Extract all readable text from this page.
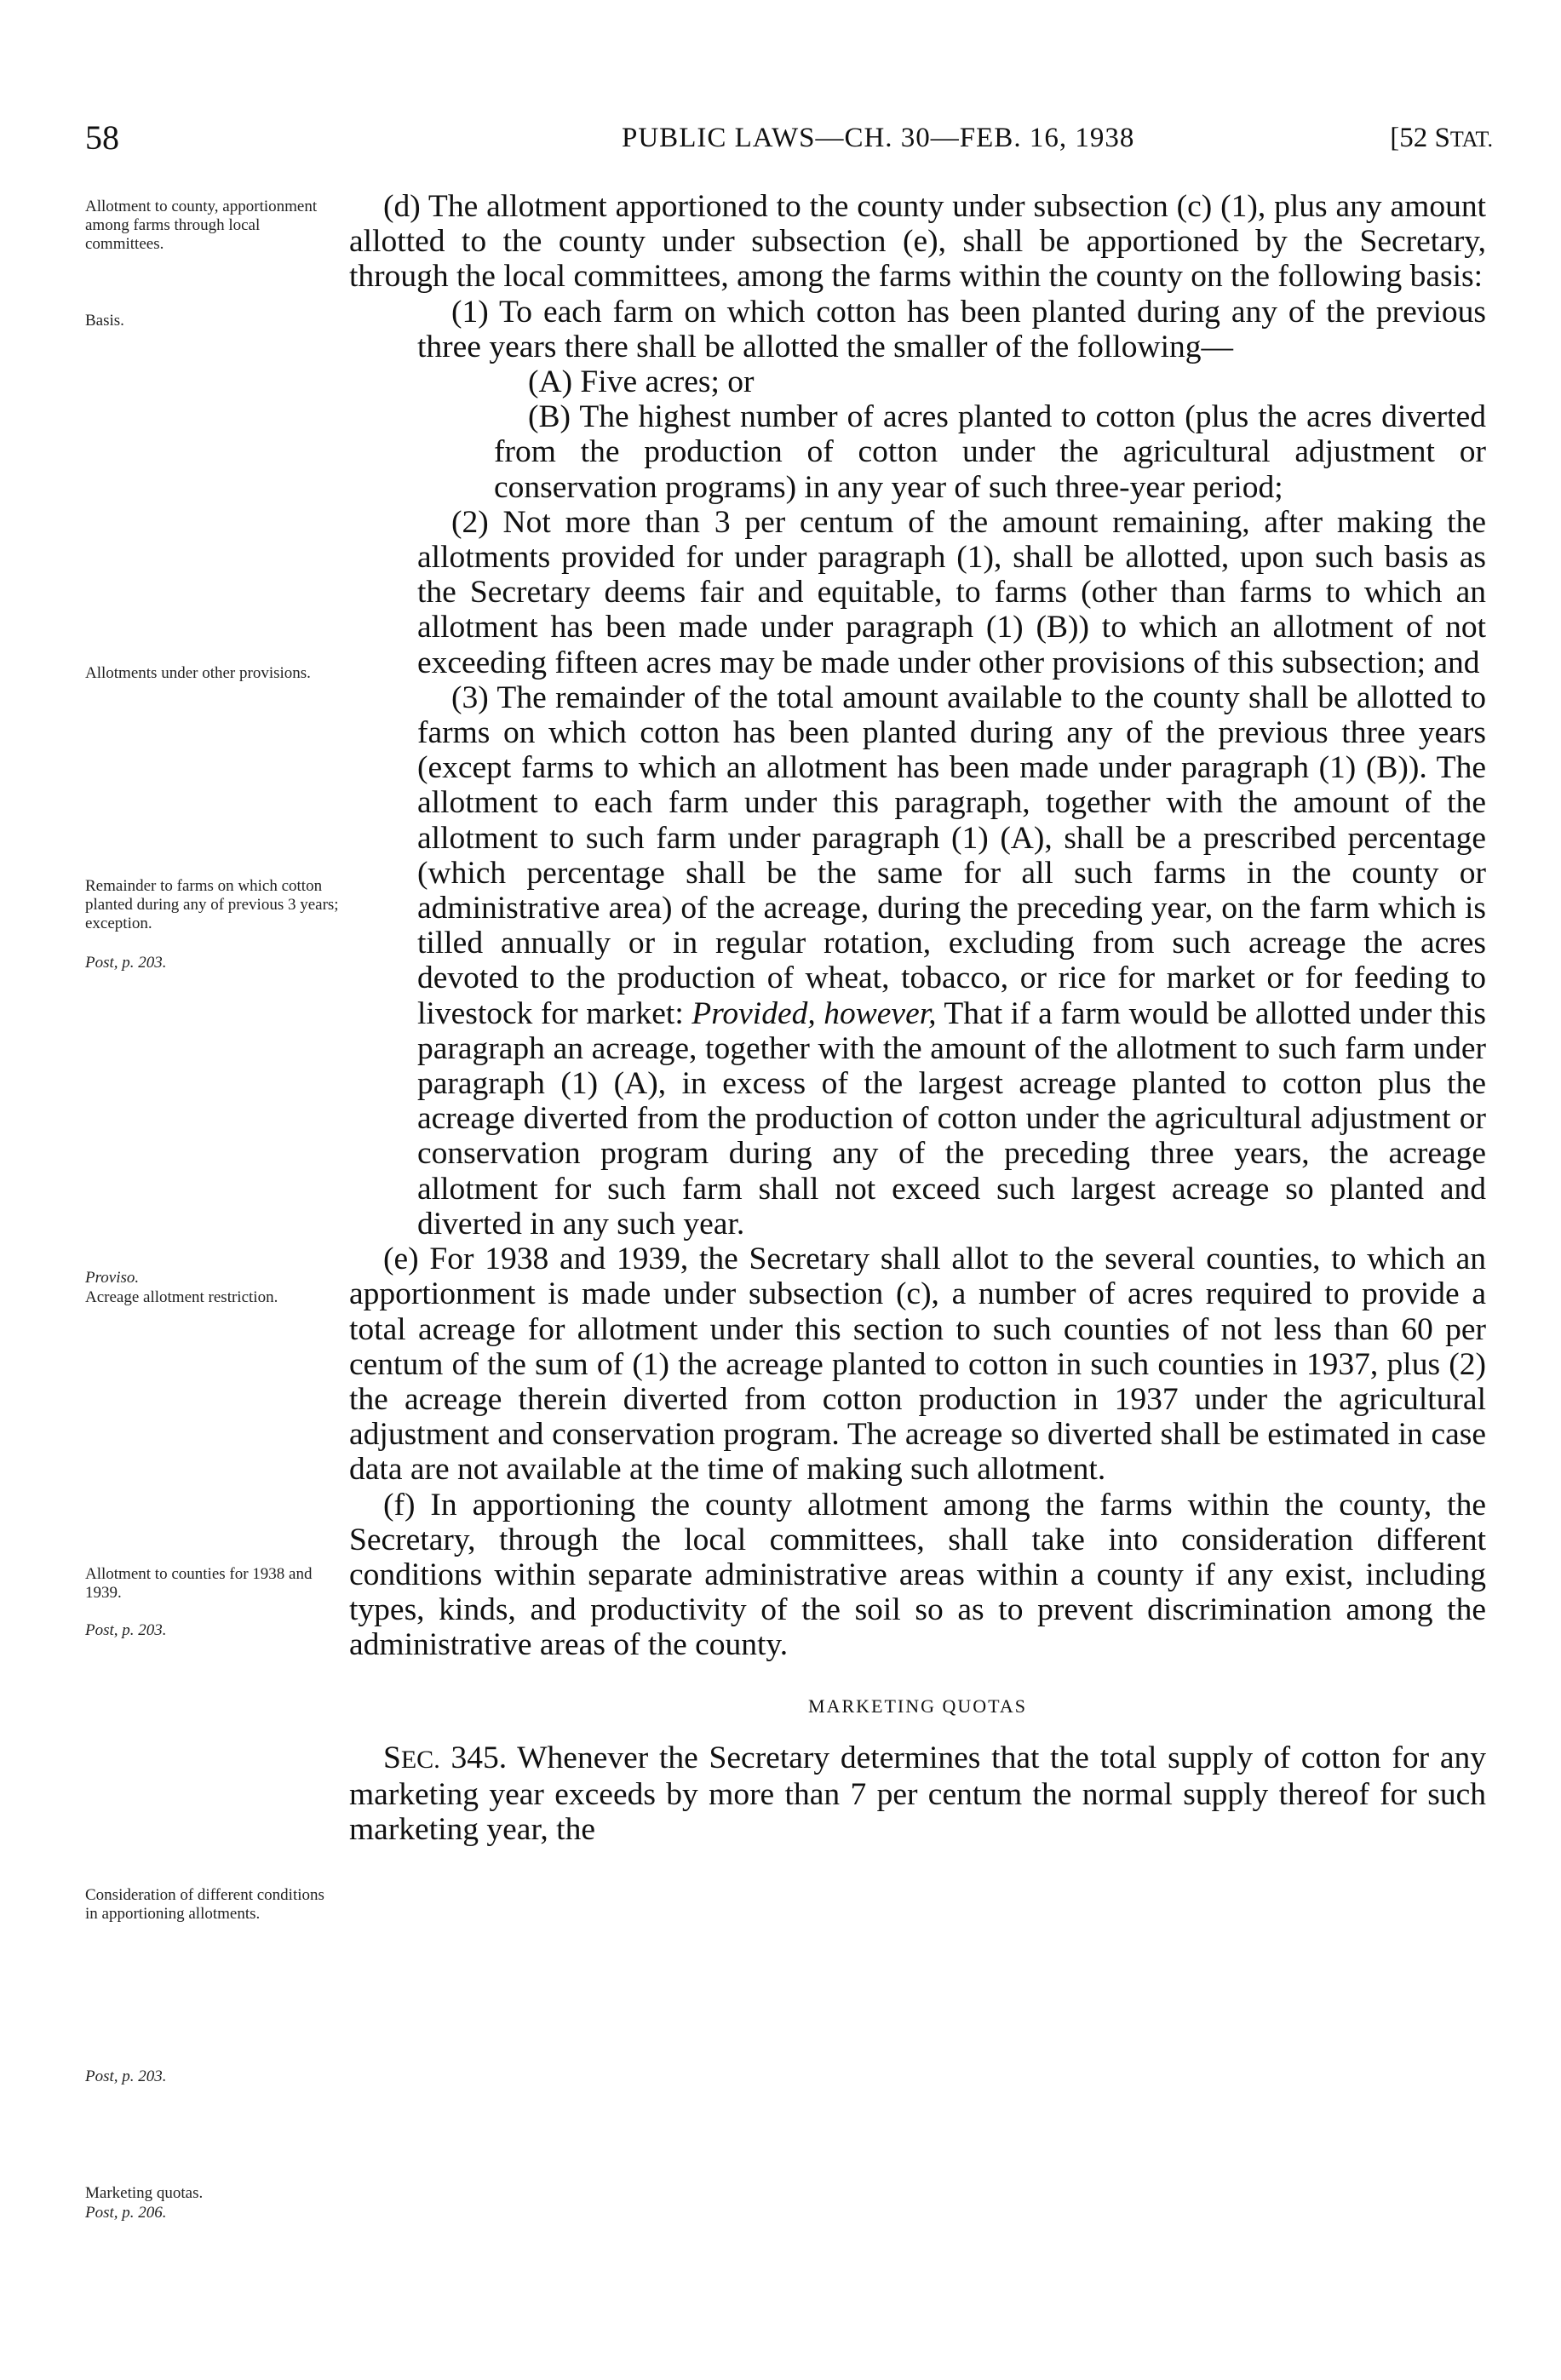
58	PUBLIC LAWS—CH. 30—FEB. 16, 1938	[52 STAT.
Allotment to county, apportionment among farms through local committees.
Basis.
Allotments under other provisions.
Remainder to farms on which cotton planted during any of previous 3 years; exception.
Post, p. 203.
Proviso.
Acreage allotment restriction.
Allotment to counties for 1938 and 1939.
Post, p. 203.
Consideration of different conditions in apportioning allotments.
Post, p. 203.
Marketing quotas.
Post, p. 206.

(d) The allotment apportioned to the county under subsection (c) (1), plus any amount allotted to the county under subsection (e), shall be apportioned by the Secretary, through the local committees, among the farms within the county on the following basis:

(1) To each farm on which cotton has been planted during any of the previous three years there shall be allotted the smaller of the following—

(A) Five acres; or

(B) The highest number of acres planted to cotton (plus the acres diverted from the production of cotton under the agricultural adjustment or conservation programs) in any year of such three-year period;

(2) Not more than 3 per centum of the amount remaining, after making the allotments provided for under paragraph (1), shall be allotted, upon such basis as the Secretary deems fair and equitable, to farms (other than farms to which an allotment has been made under paragraph (1) (B)) to which an allotment of not exceeding fifteen acres may be made under other provisions of this subsection; and

(3) The remainder of the total amount available to the county shall be allotted to farms on which cotton has been planted during any of the previous three years (except farms to which an allotment has been made under paragraph (1) (B)). The allotment to each farm under this paragraph, together with the amount of the allotment to such farm under paragraph (1) (A), shall be a prescribed percentage (which percentage shall be the same for all such farms in the county or administrative area) of the acreage, during the preceding year, on the farm which is tilled annually or in regular rotation, excluding from such acreage the acres devoted to the production of wheat, tobacco, or rice for market or for feeding to livestock for market: Provided, however, That if a farm would be allotted under this paragraph an acreage, together with the amount of the allotment to such farm under paragraph (1) (A), in excess of the largest acreage planted to cotton plus the acreage diverted from the production of cotton under the agricultural adjustment or conservation program during any of the preceding three years, the acreage allotment for such farm shall not exceed such largest acreage so planted and diverted in any such year.

(e) For 1938 and 1939, the Secretary shall allot to the several counties, to which an apportionment is made under subsection (c), a number of acres required to provide a total acreage for allotment under this section to such counties of not less than 60 per centum of the sum of (1) the acreage planted to cotton in such counties in 1937, plus (2) the acreage therein diverted from cotton production in 1937 under the agricultural adjustment and conservation program. The acreage so diverted shall be estimated in case data are not available at the time of making such allotment.

(f) In apportioning the county allotment among the farms within the county, the Secretary, through the local committees, shall take into consideration different conditions within separate administrative areas within a county if any exist, including types, kinds, and productivity of the soil so as to prevent discrimination among the administrative areas of the county.

MARKETING QUOTAS

SEC. 345. Whenever the Secretary determines that the total supply of cotton for any marketing year exceeds by more than 7 per centum the normal supply thereof for such marketing year, the
